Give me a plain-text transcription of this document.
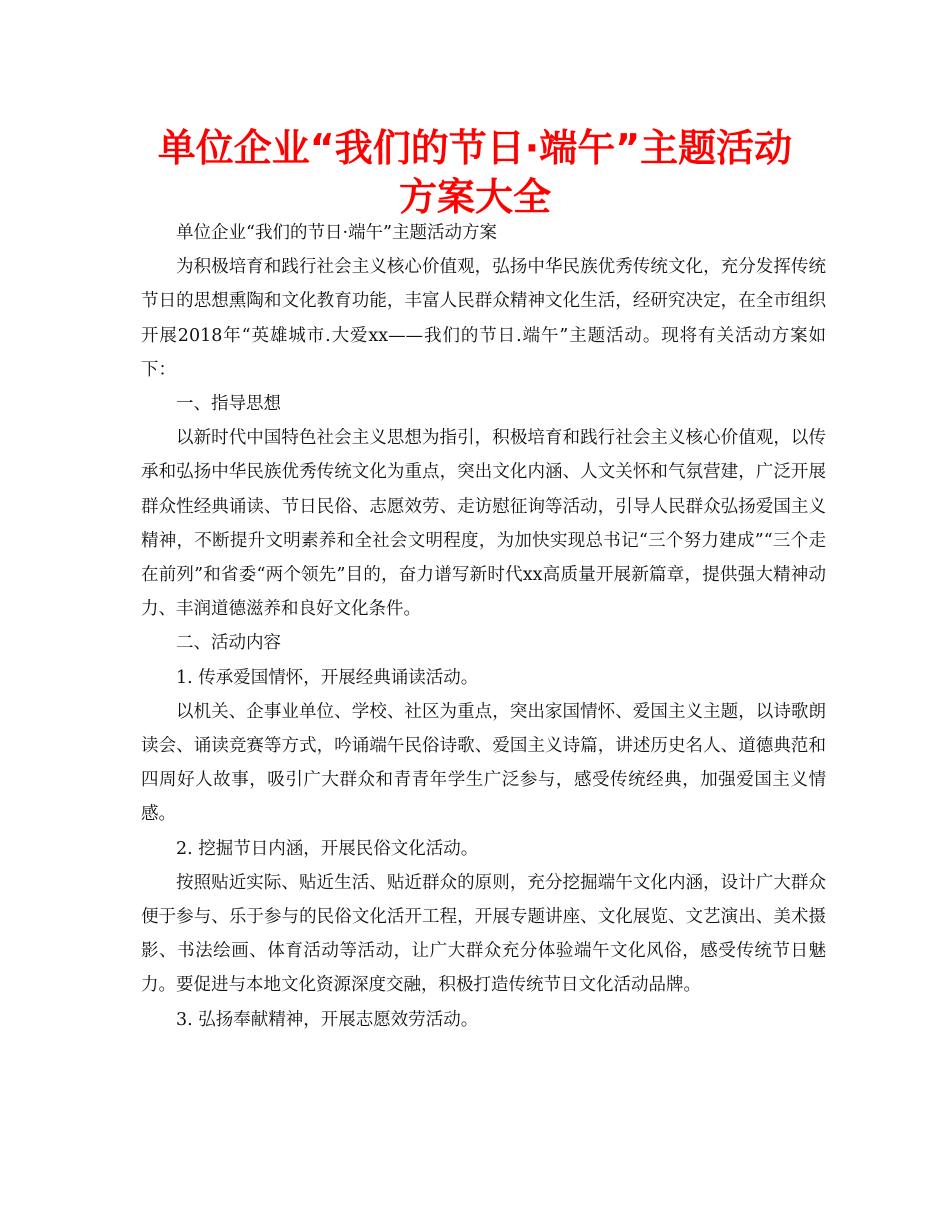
单位企业“我们的节日·端午”主题活动方案大全

单位企业“我们的节日·端午”主题活动方案

为积极培育和践行社会主义核心价值观，弘扬中华民族优秀传统文化，充分发挥传统节日的思想熏陶和文化教育功能，丰富人民群众精神文化生活，经研究决定，在全市组织开展2018年“英雄城市.大爱xx——我们的节日.端午”主题活动。现将有关活动方案如下：

一、指导思想

以新时代中国特色社会主义思想为指引，积极培育和践行社会主义核心价值观，以传承和弘扬中华民族优秀传统文化为重点，突出文化内涵、人文关怀和气氛营建，广泛开展群众性经典诵读、节日民俗、志愿效劳、走访慰征询等活动，引导人民群众弘扬爱国主义精神，不断提升文明素养和全社会文明程度，为加快实现总书记“三个努力建成”“三个走在前列”和省委“两个领先”目的，奋力谱写新时代xx高质量开展新篇章，提供强大精神动力、丰润道德滋养和良好文化条件。

二、活动内容

1. 传承爱国情怀，开展经典诵读活动。

以机关、企事业单位、学校、社区为重点，突出家国情怀、爱国主义主题，以诗歌朗读会、诵读竞赛等方式，吟诵端午民俗诗歌、爱国主义诗篇，讲述历史名人、道德典范和四周好人故事，吸引广大群众和青青年学生广泛参与，感受传统经典，加强爱国主义情感。

2. 挖掘节日内涵，开展民俗文化活动。

按照贴近实际、贴近生活、贴近群众的原则，充分挖掘端午文化内涵，设计广大群众便于参与、乐于参与的民俗文化活开工程，开展专题讲座、文化展览、文艺演出、美术摄影、书法绘画、体育活动等活动，让广大群众充分体验端午文化风俗，感受传统节日魅力。要促进与本地文化资源深度交融，积极打造传统节日文化活动品牌。

3. 弘扬奉献精神，开展志愿效劳活动。
